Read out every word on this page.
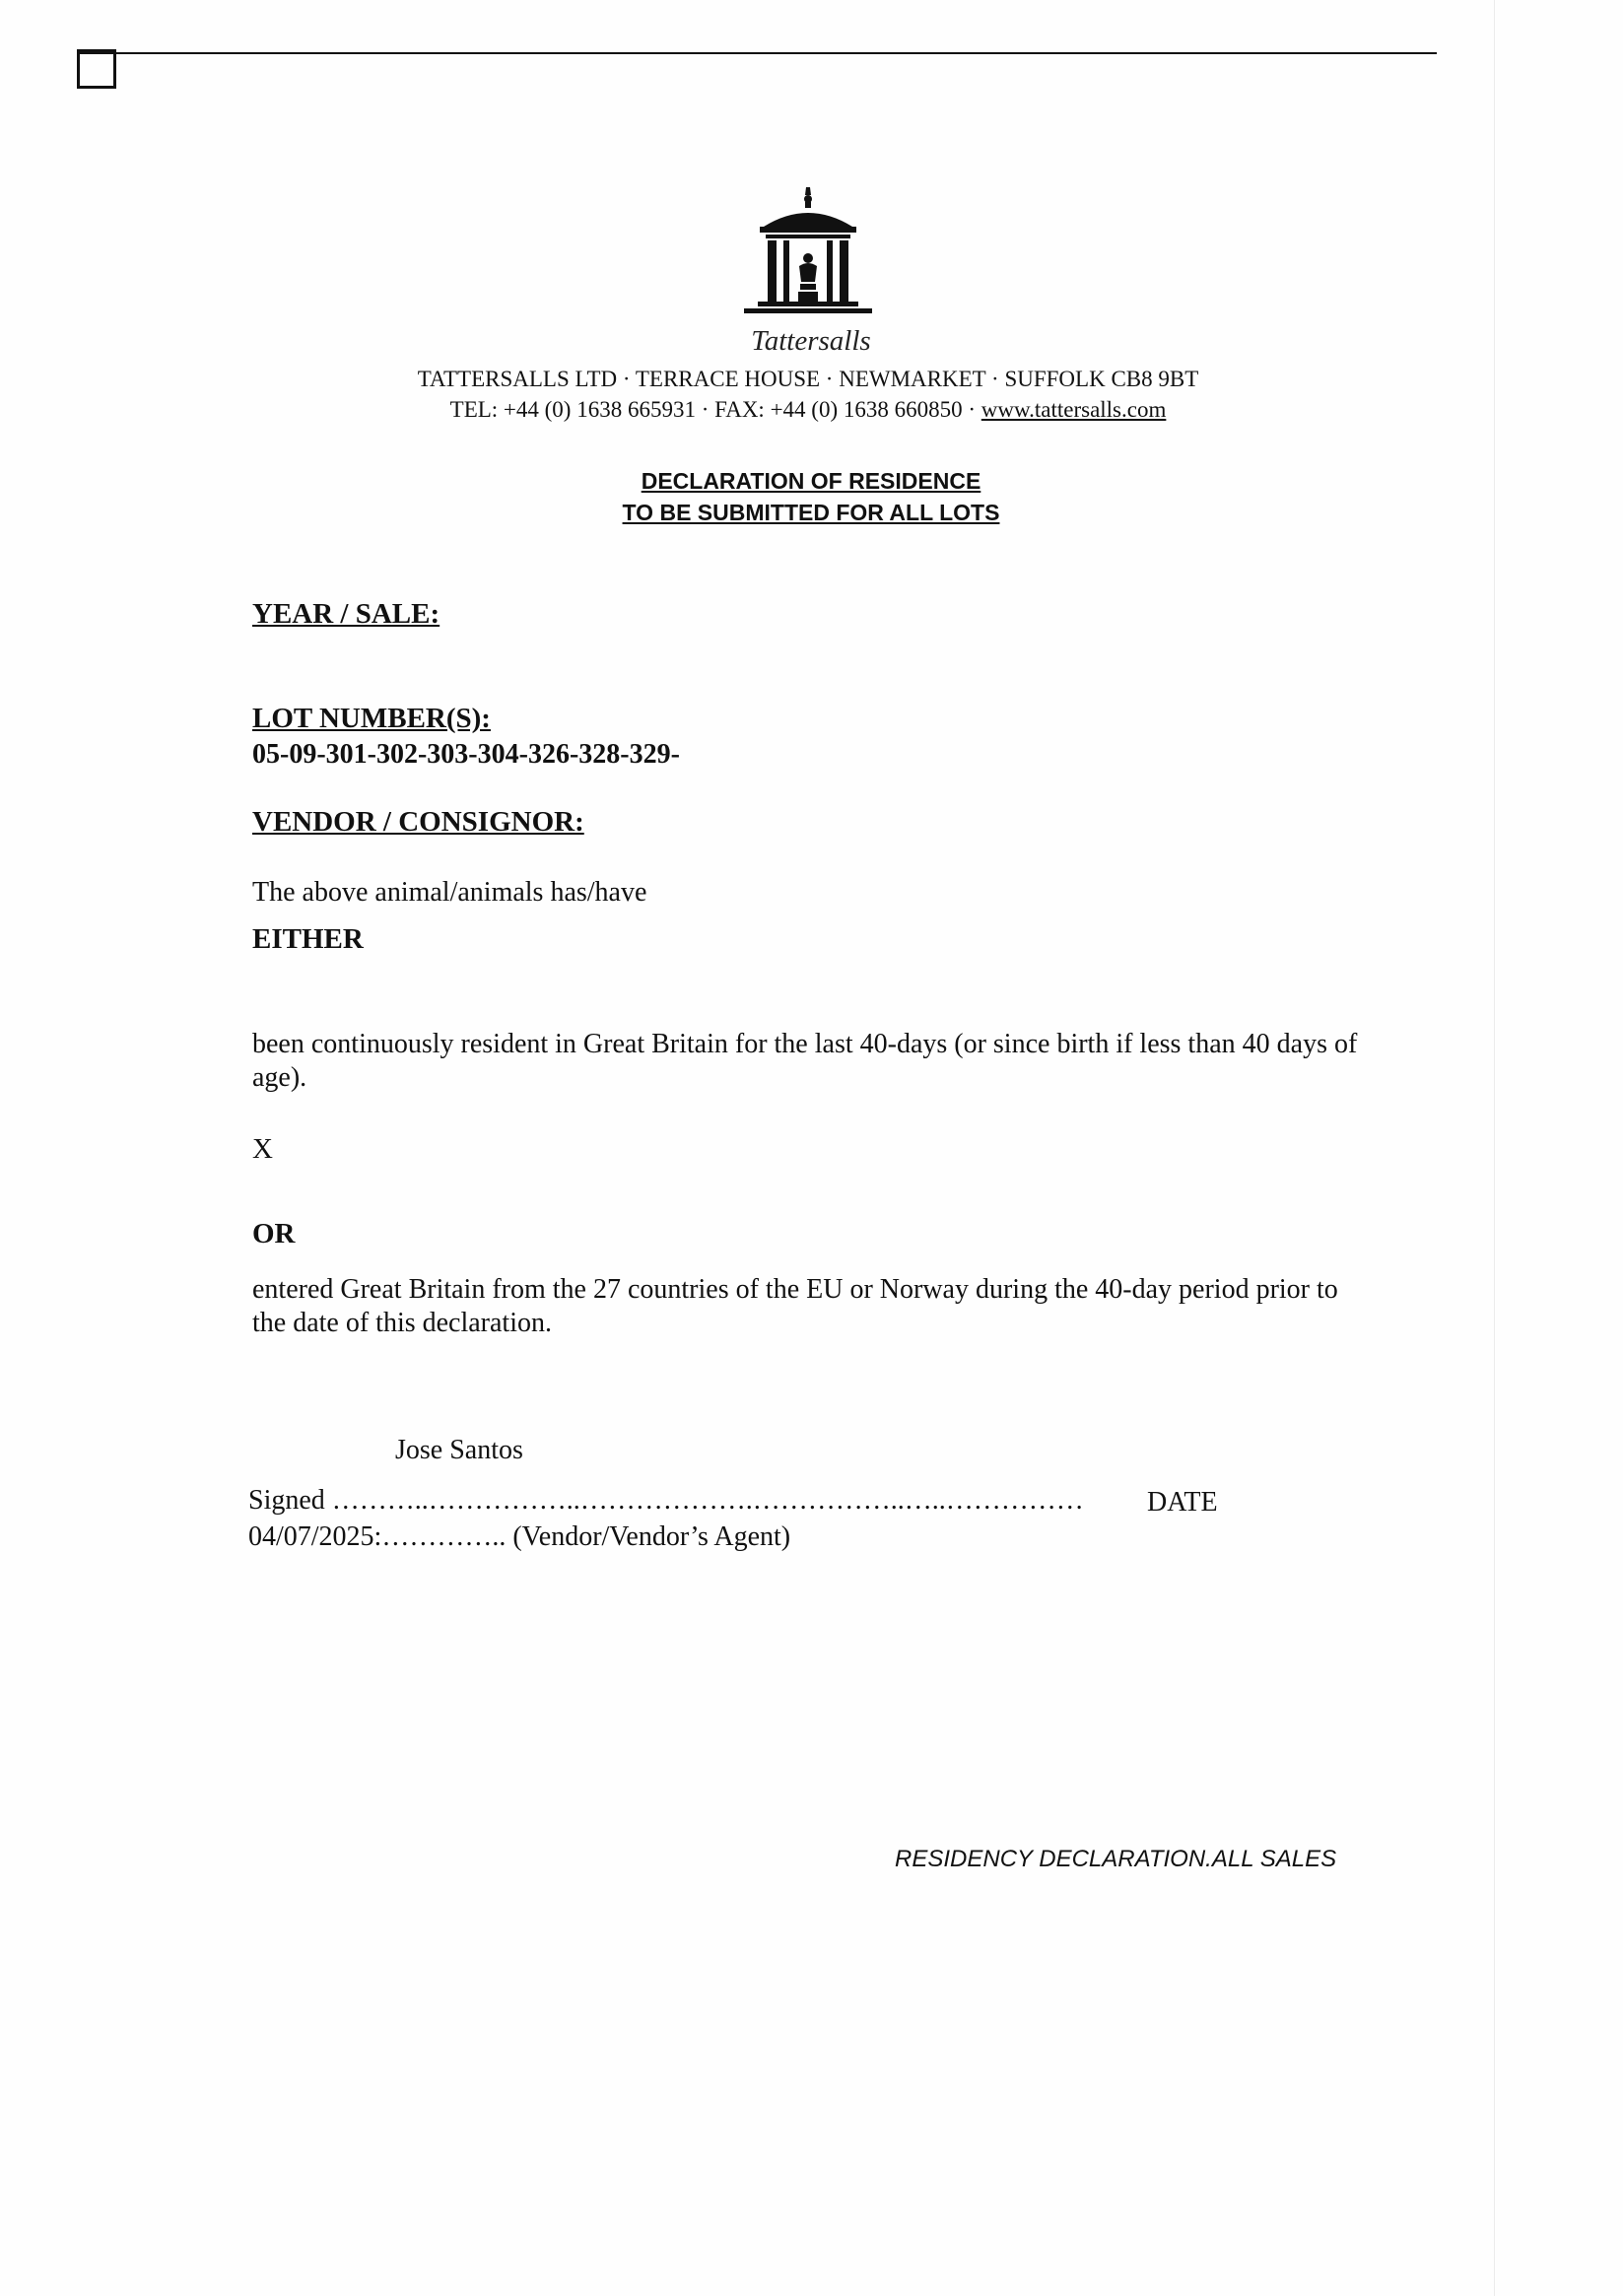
Tattersalls
TATTERSALLS LTD · TERRACE HOUSE · NEWMARKET · SUFFOLK CB8 9BT
TEL: +44 (0) 1638 665931 · FAX: +44 (0) 1638 660850 · www.tattersalls.com
DECLARATION OF RESIDENCE
TO BE SUBMITTED FOR ALL LOTS
YEAR / SALE:
LOT NUMBER(S):
05-09-301-302-303-304-326-328-329-
VENDOR / CONSIGNOR:
The above animal/animals has/have
EITHER
been continuously resident in Great Britain for the last 40-days (or since birth if less than 40 days of age).
X
OR
entered Great Britain from the 27 countries of the EU or Norway during the 40-day period prior to the date of this declaration.
Jose Santos
Signed ………..……………..……………….……………..…..…………… DATE
04/07/2025:………….. (Vendor/Vendor’s Agent)
RESIDENCY DECLARATION.ALL SALES
